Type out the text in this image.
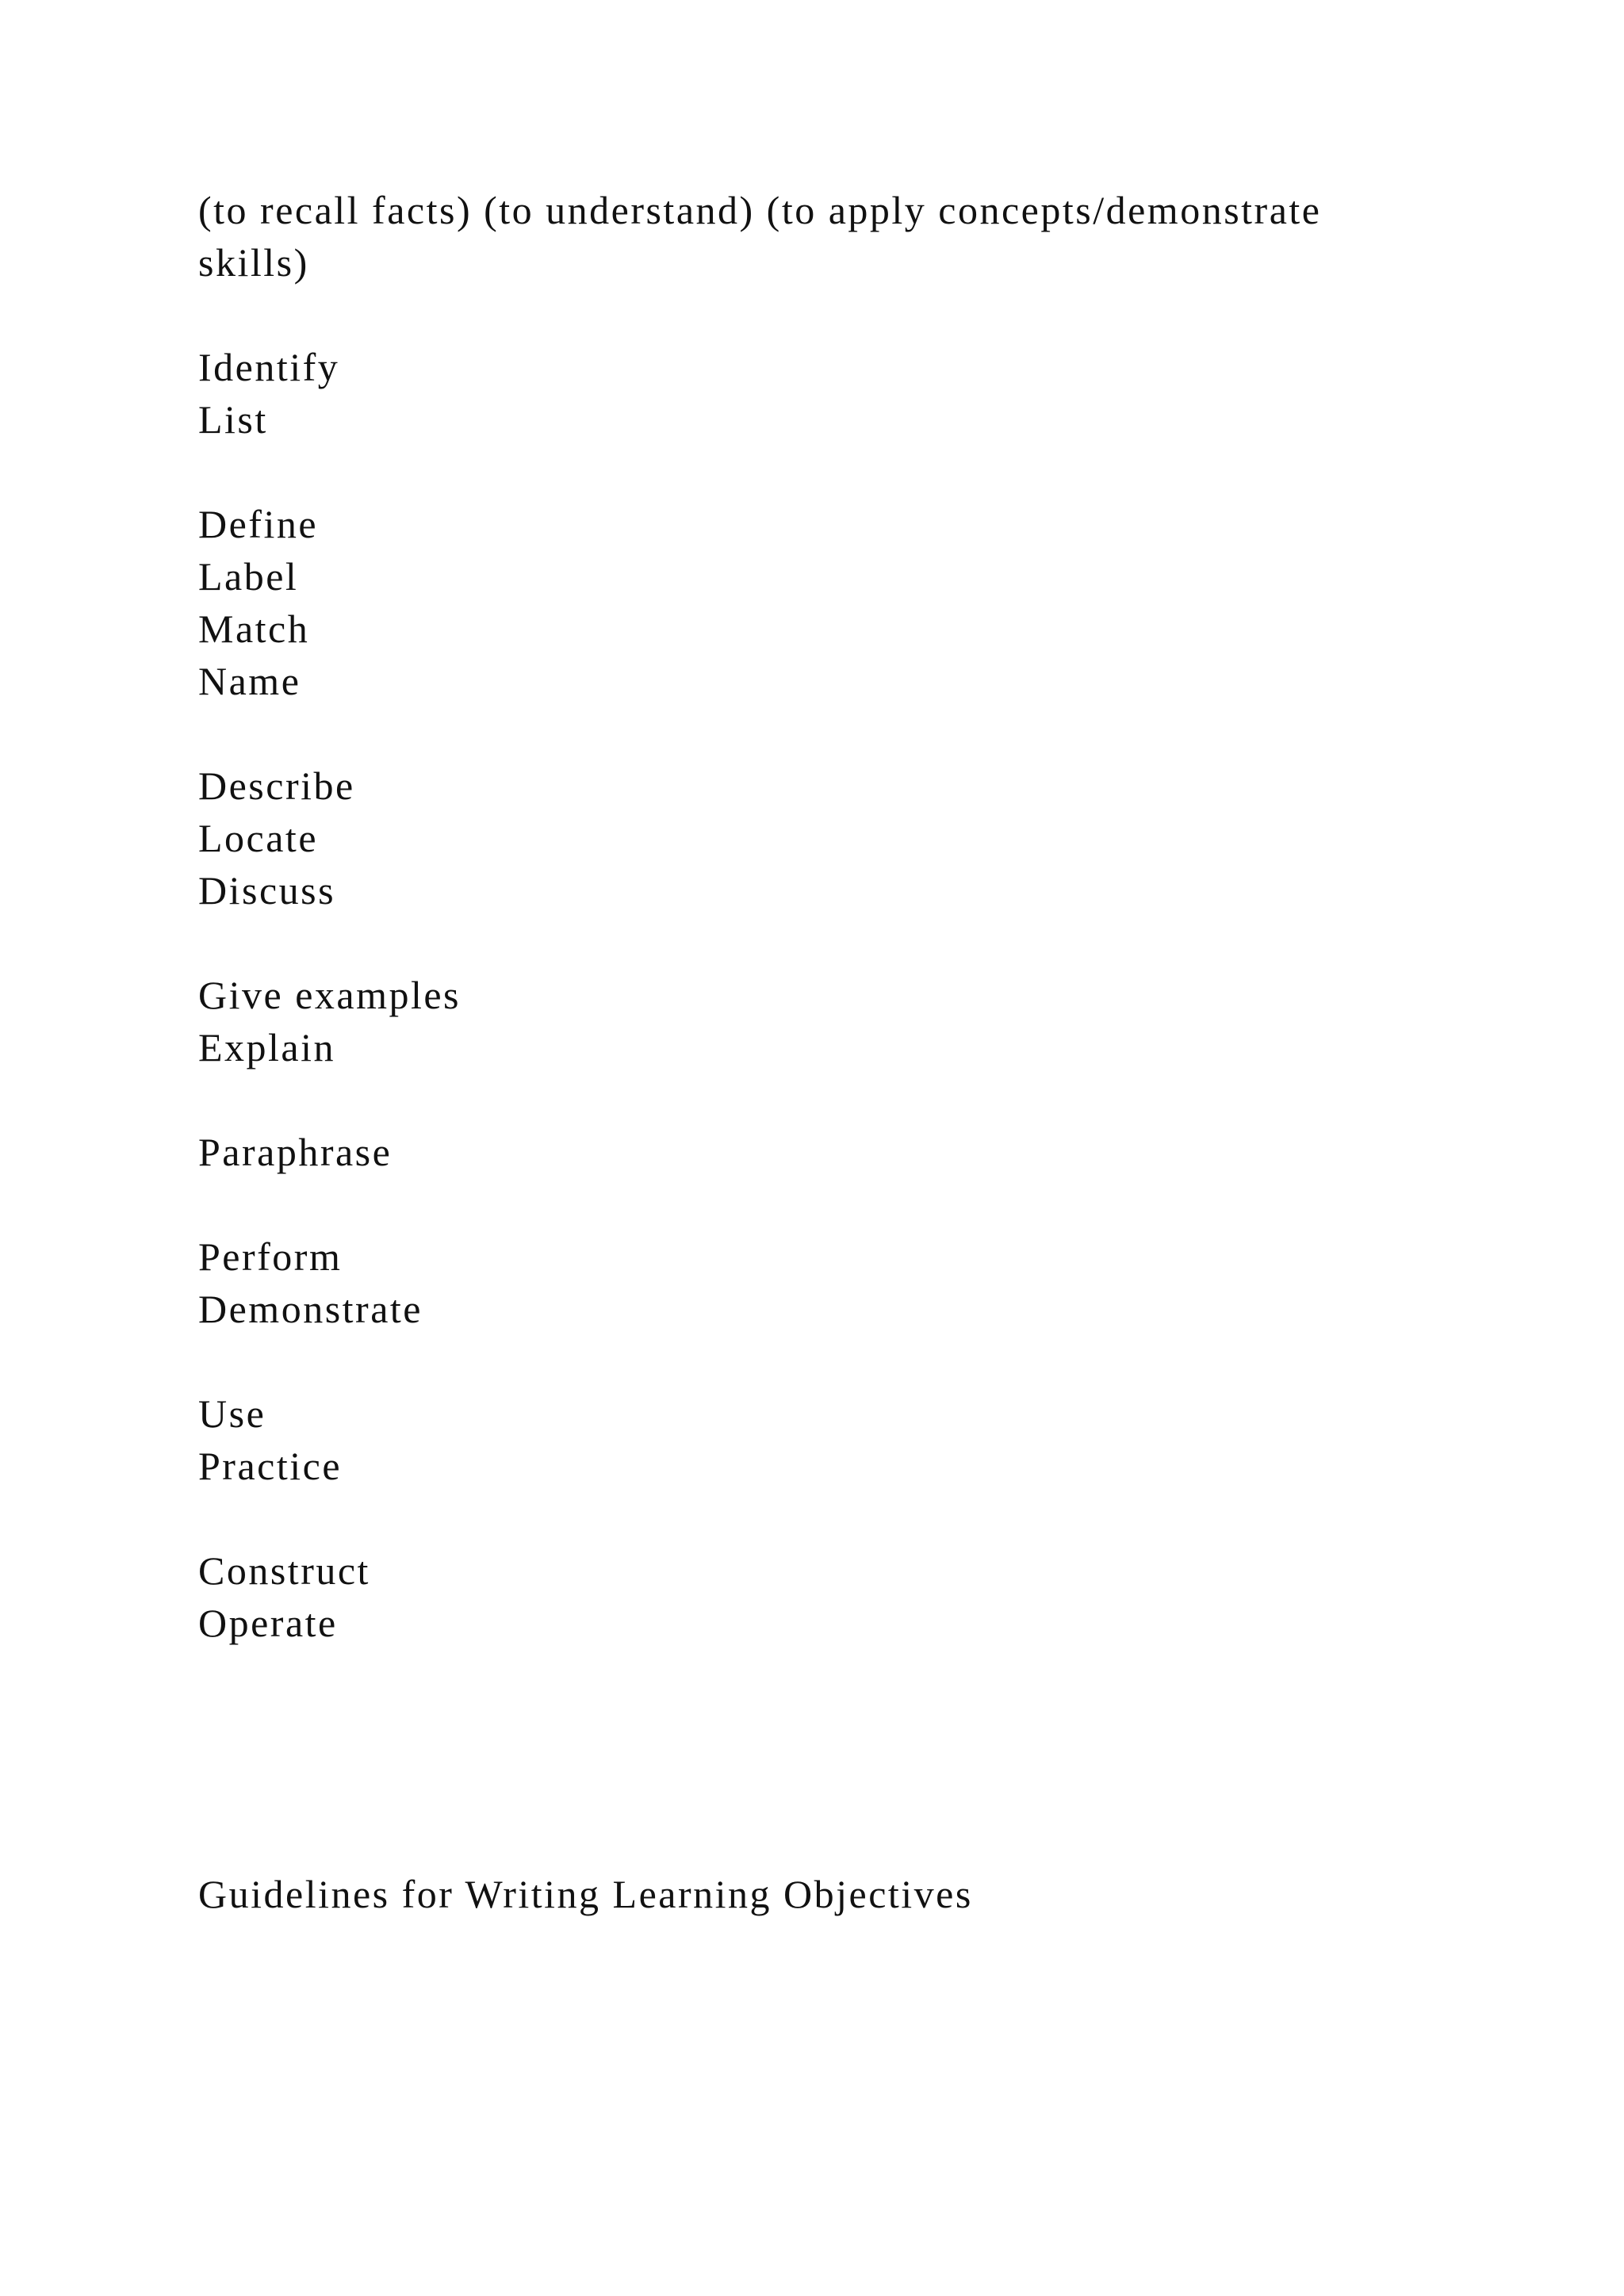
(to recall facts) (to understand) (to apply concepts/demonstrate skills)
Identify
List
Define
Label
Match
Name
Describe
Locate
Discuss
Give examples
Explain
Paraphrase
Perform
Demonstrate
Use
Practice
Construct
Operate
Guidelines for Writing Learning Objectives
